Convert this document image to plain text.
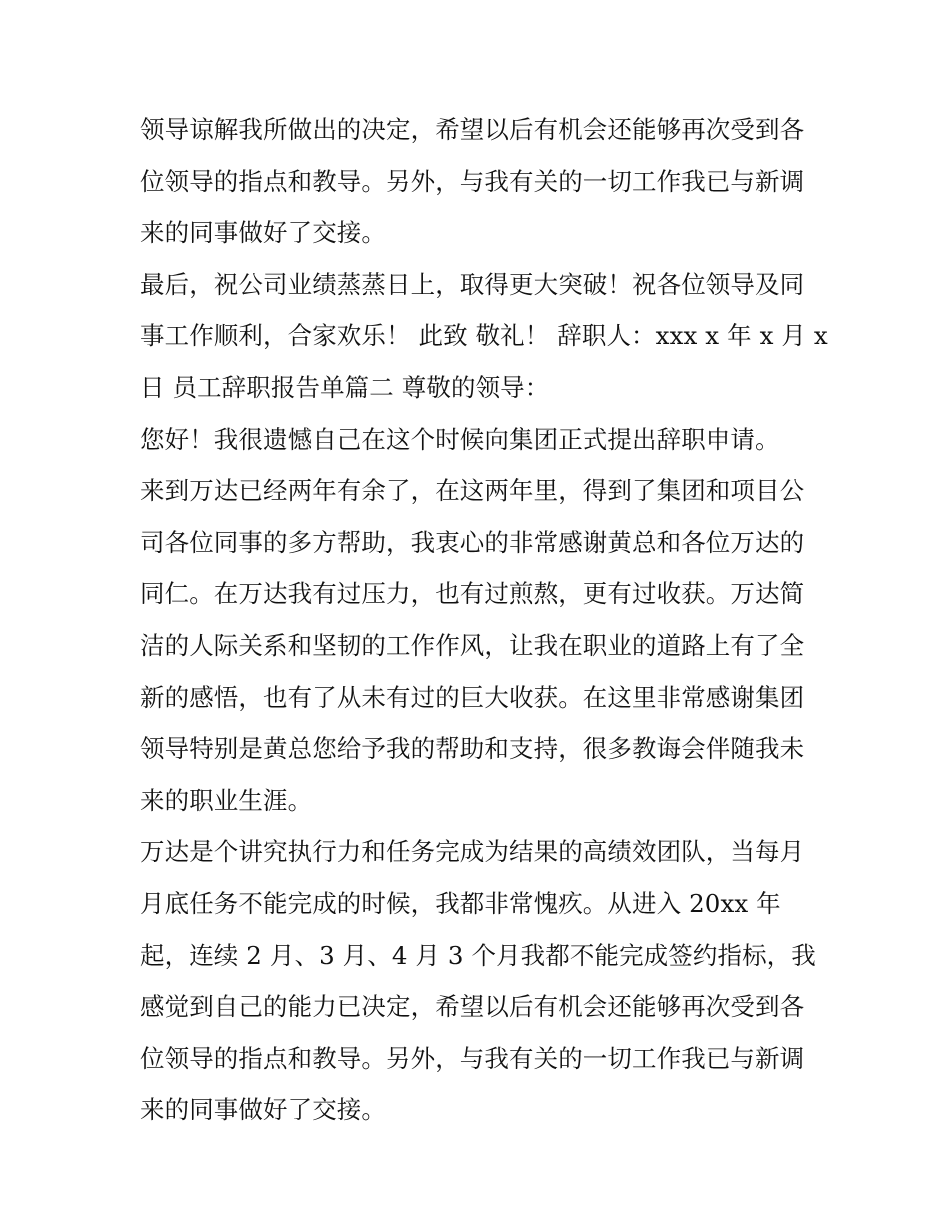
领导谅解我所做出的决定，希望以后有机会还能够再次受到各
位领导的指点和教导。另外，与我有关的一切工作我已与新调
来的同事做好了交接。
最后，祝公司业绩蒸蒸日上，取得更大突破！祝各位领导及同
事工作顺利，合家欢乐！ 此致 敬礼！ 辞职人：xxx x 年 x 月 x
日 员工辞职报告单篇二 尊敬的领导：
您好！我很遗憾自己在这个时候向集团正式提出辞职申请。
来到万达已经两年有余了，在这两年里，得到了集团和项目公
司各位同事的多方帮助，我衷心的非常感谢黄总和各位万达的
同仁。在万达我有过压力，也有过煎熬，更有过收获。万达简
洁的人际关系和坚韧的工作作风，让我在职业的道路上有了全
新的感悟，也有了从未有过的巨大收获。在这里非常感谢集团
领导特别是黄总您给予我的帮助和支持，很多教诲会伴随我未
来的职业生涯。
万达是个讲究执行力和任务完成为结果的高绩效团队，当每月
月底任务不能完成的时候，我都非常愧疚。从进入 20xx 年
起，连续 2 月、3 月、4 月 3 个月我都不能完成签约指标，我
感觉到自己的能力已决定，希望以后有机会还能够再次受到各
位领导的指点和教导。另外，与我有关的一切工作我已与新调
来的同事做好了交接。
